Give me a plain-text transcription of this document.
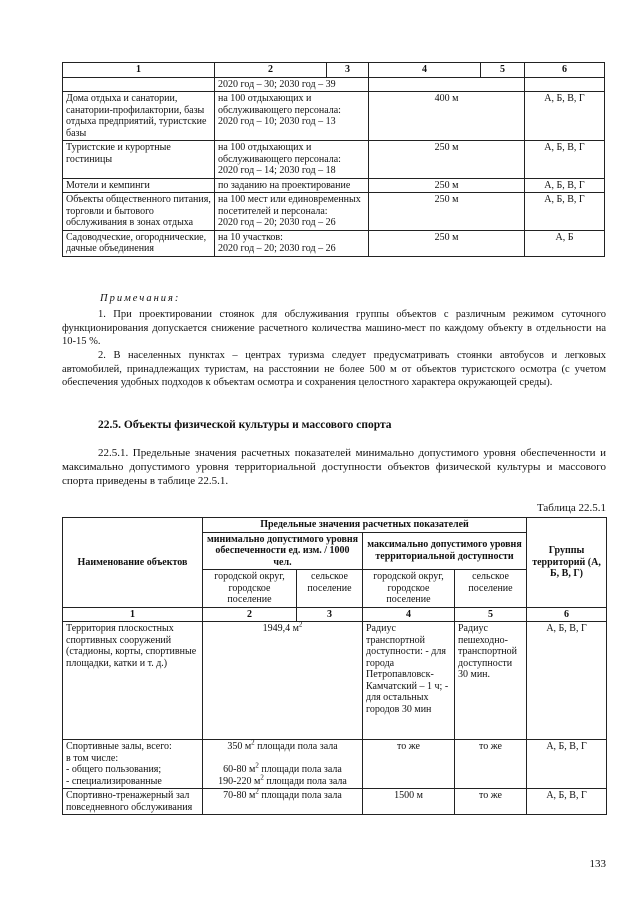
1	2	3	4	5	6
	2020 год – 30; 2030 год – 39				
Дома отдыха и санатории, санатории-профилактории, базы отдыха предприятий, туристские базы	на 100 отдыхающих и обслуживающего персонала:
2020 год – 10; 2030 год – 13		400 м		А, Б, В, Г
Туристские и курортные гостиницы	на 100 отдыхающих и обслуживающего персонала:
2020 год – 14; 2030 год – 18		250 м		А, Б, В, Г
Мотели и кемпинги	по заданию на проектирование		250 м		А, Б, В, Г
Объекты общественного питания, торговли и бытового обслуживания в зонах отдыха	на 100 мест или единовременных посетителей и персонала:
2020 год – 20; 2030 год – 26		250 м		А, Б, В, Г
Садоводческие, огороднические, дачные объединения	на 10 участков:
2020 год – 20; 2030 год – 26		250 м		А, Б
Примечания:
1. При проектировании стоянок для обслуживания группы объектов с различным режимом суточного функционирования допускается снижение расчетного количества машино-мест по каждому объекту в отдельности на 10-15 %.
2. В населенных пунктах – центрах туризма следует предусматривать стоянки автобусов и легковых автомобилей, принадлежащих туристам, на расстоянии не более 500 м от объектов туристского осмотра (с учетом обеспечения удобных подходов к объектам осмотра и сохранения целостного характера окружающей среды).
22.5. Объекты физической культуры и массового спорта
22.5.1. Предельные значения расчетных показателей минимально допустимого уровня обеспеченности и максимально допустимого уровня территориальной доступности объектов физической культуры и массового спорта приведены в таблице 22.5.1.
Таблица 22.5.1
Наименование объектов	Предельные значения расчетных показателей				Группы территорий (А, Б, В, Г)
	минимально допустимого уровня обеспеченности ед. изм. / 1000 чел.		максимально допустимого уровня территориальной доступности		
	городской округ, городское поселение	сельское поселение	городской округ, городское поселение	сельское поселение	
1	2	3	4	5	6
Территория плоскостных спортивных сооружений (стадионы, корты, спортивные площадки, катки и т. д.)	1949,4 $м^2$		Радиус транспортной доступности: - для города Петропавловск-Камчатский – 1 ч; - для остальных городов 30 мин	Радиус пешеходно-транспортной доступности 30 мин.	А, Б, В, Г
Спортивные залы, всего:
в том числе:
- общего пользования;
- специализированные	350 $м^2$ площади пола зала
60-80 $м^2$ площади пола зала
190-220 $м^2$ площади пола зала		то же	то же	А, Б, В, Г
Спортивно-тренажерный зал повседневного обслуживания	70-80 $м^2$ площади пола зала		1500 м	то же	А, Б, В, Г
133
